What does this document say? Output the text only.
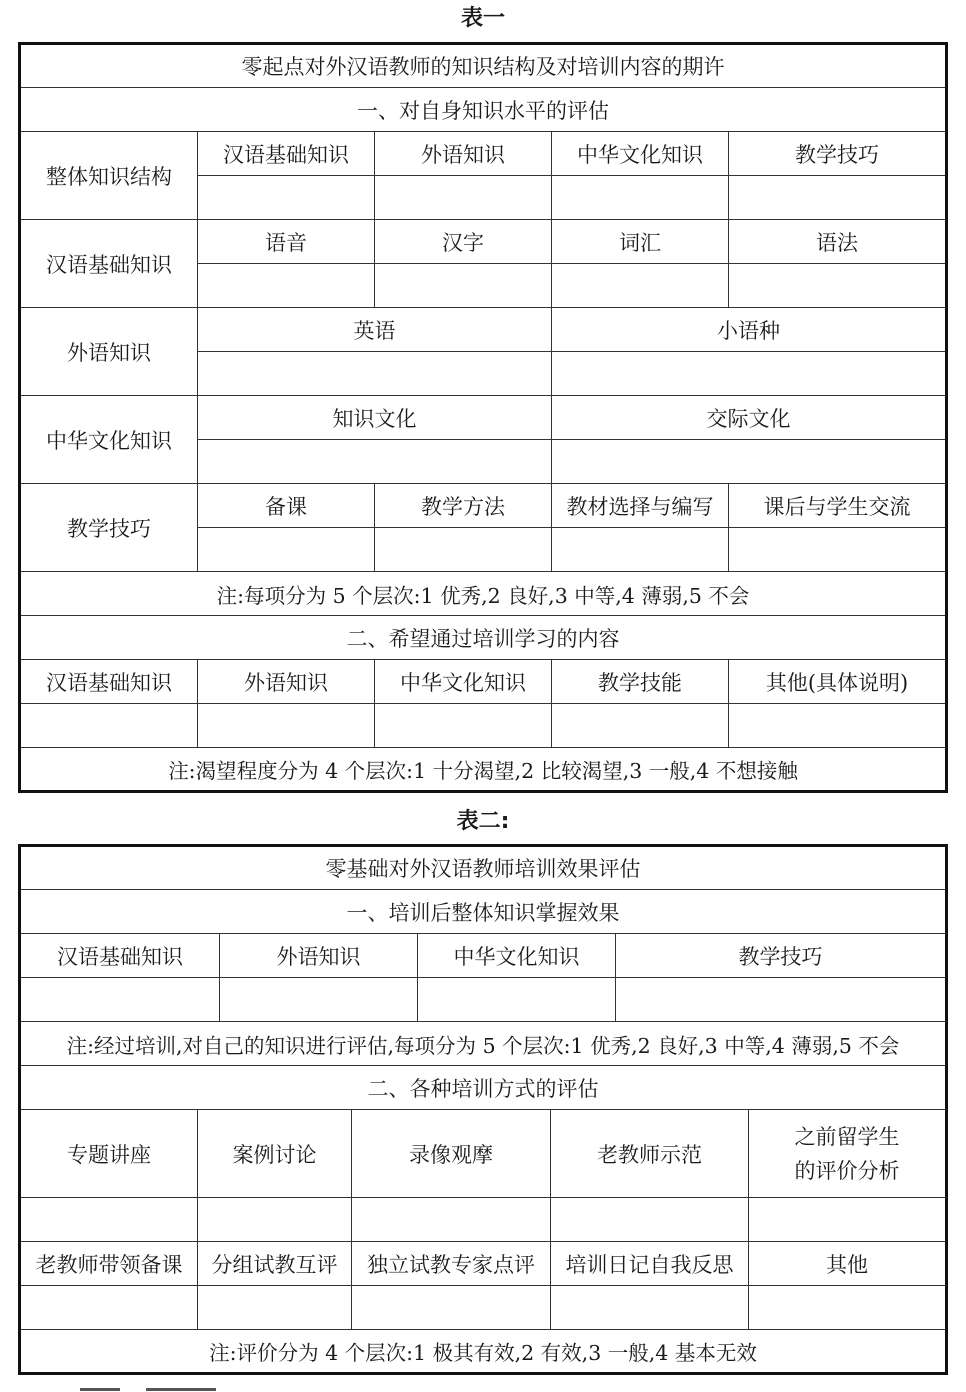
表一
零起点对外汉语教师的知识结构及对培训内容的期许				
一、对自身知识水平的评估				
整体知识结构	汉语基础知识	外语知识	中华文化知识	教学技巧

汉语基础知识	语音	汉字	词汇	语法

外语知识	英语		小语种	

中华文化知识	知识文化		交际文化	

教学技巧	备课	教学方法	教材选择与编写	课后与学生交流

注:每项分为 5 个层次:1 优秀,2 良好,3 中等,4 薄弱,5 不会				
二、希望通过培训学习的内容				
汉语基础知识	外语知识	中华文化知识	教学技能	其他(具体说明)

注:渴望程度分为 4 个层次:1 十分渴望,2 比较渴望,3 一般,4 不想接触				
表二:
零基础对外汉语教师培训效果评估							
一、培训后整体知识掌握效果							
汉语基础知识		外语知识		中华文化知识		教学技巧	

注:经过培训,对自己的知识进行评估,每项分为 5 个层次:1 优秀,2 良好,3 中等,4 薄弱,5 不会							
二、各种培训方式的评估							
专题讲座	案例讨论		录像观摩		老教师示范		之前留学生
的评价分析

老教师带领备课	分组试教互评		独立试教专家点评		培训日记自我反思		其他

注:评价分为 4 个层次:1 极其有效,2 有效,3 一般,4 基本无效							
